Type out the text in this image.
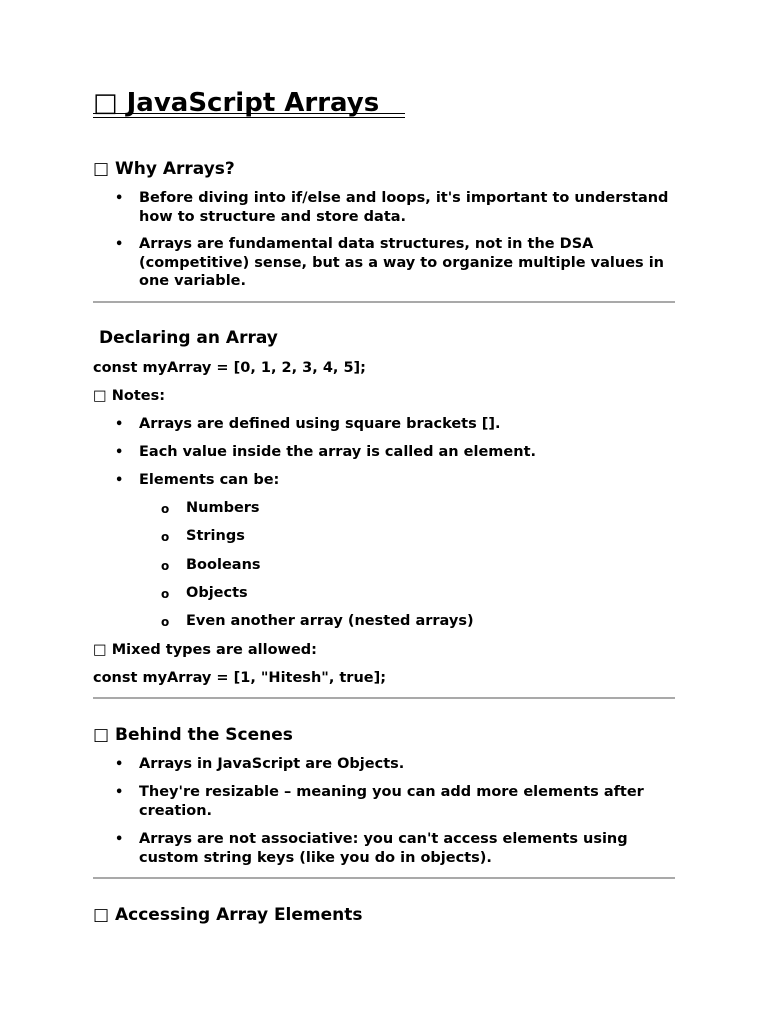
□ JavaScript Arrays
□ Why Arrays?
• Before diving into if/else and loops, it's important to understand how to structure and store data.

• Arrays are fundamental data structures, not in the DSA (competitive) sense, but as a way to organize multiple values in one variable.

Declaring an Array

const myArray = [0, 1, 2, 3, 4, 5];

□ Notes:

• Arrays are defined using square brackets [].

• Each value inside the array is called an element.

• Elements can be:

o Numbers

o Strings

o Booleans

o Objects

o Even another array (nested arrays)

□ Mixed types are allowed:

const myArray = [1, "Hitesh", true];

□ Behind the Scenes
• Arrays in JavaScript are Objects.

• They're resizable – meaning you can add more elements after creation.

• Arrays are not associative: you can't access elements using custom string keys (like you do in objects).

□ Accessing Array Elements
